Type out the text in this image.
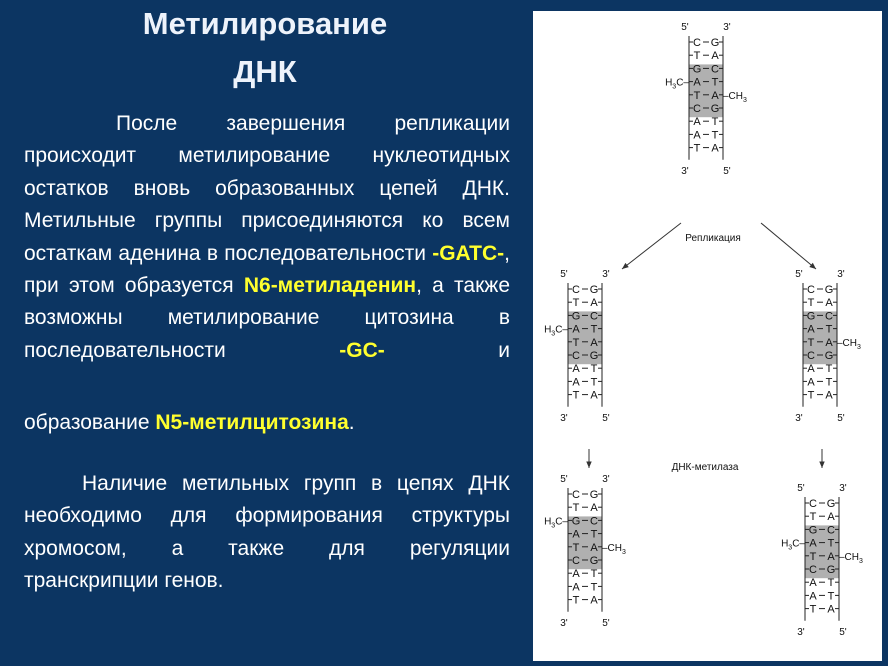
Метилирование
ДНК

После завершения репликации происходит метилирование нуклеотидных остатков вновь образованных цепей ДНК. Метильные группы присоединяются ко всем остаткам аденина в последовательности -GATC-, при этом образуется N6-метиладенин, а также возможны метилирование цитозина в последовательности -GC- и

образование N5-метилцитозина.

Наличие метильных групп в цепях ДНК необходимо для формирования структуры хромосом, а также для регуляции
транскрипции генов.

5'	3'
3'	5'
C G
T A
G C
A T
T A
C G
A T
A T
T A
$H_3C-$
$-CH_3$
Репликация
5'	3'
3'	5'
C G
T A
G C
A T
T A
C G
A T
A T
T A
$H_3C-$
5'	3'
3'	5'
C G
T A
G C
A T
T A
C G
A T
A T
T A
$-CH_3$
ДНК-метилаза
5'	3'
3'	5'
C G
T A
G C
A T
T A
C G
A T
A T
T A
$H_3C-$
$-CH_3$
5'	3'
3'	5'
C G
T A
G C
A T
T A
C G
A T
A T
T A
$H_3C-$
$-CH_3$
